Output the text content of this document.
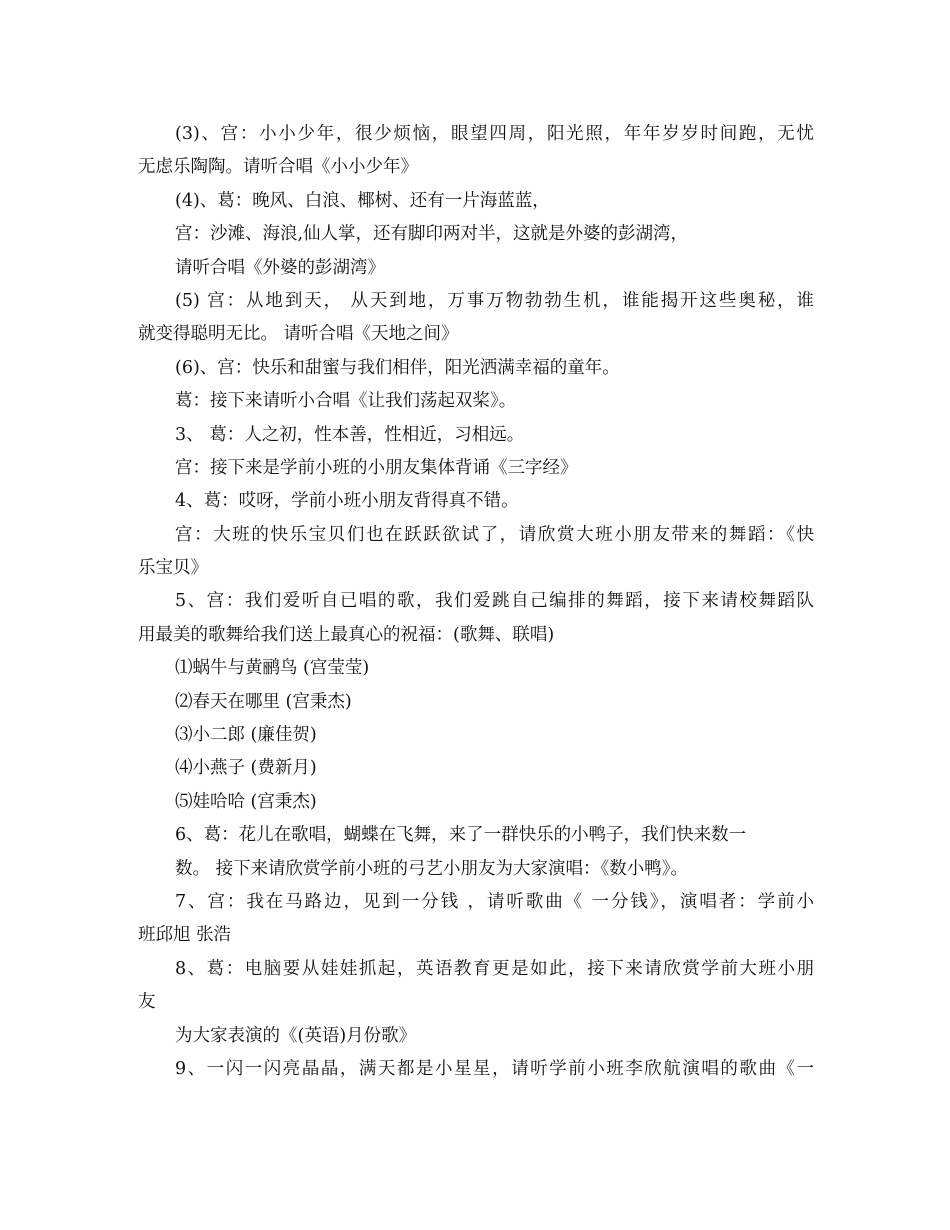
(3)、宫：小小少年，很少烦恼，眼望四周，阳光照，年年岁岁时间跑，无忧
无虑乐陶陶。请听合唱《小小少年》
(4)、葛：晚风、白浪、椰树、还有一片海蓝蓝，
宫：沙滩、海浪,仙人掌，还有脚印两对半，这就是外婆的彭湖湾，
请听合唱《外婆的彭湖湾》
(5) 宫：从地到天， 从天到地，万事万物勃勃生机，谁能揭开这些奥秘，谁
就变得聪明无比。 请听合唱《天地之间》
(6)、宫：快乐和甜蜜与我们相伴，阳光洒满幸福的童年。
葛：接下来请听小合唱《让我们荡起双桨》。
3、 葛：人之初，性本善，性相近，习相远。
宫：接下来是学前小班的小朋友集体背诵《三字经》
4、葛：哎呀，学前小班小朋友背得真不错。
宫：大班的快乐宝贝们也在跃跃欲试了，请欣赏大班小朋友带来的舞蹈：《快
乐宝贝》
5、宫：我们爱听自已唱的歌，我们爱跳自己编排的舞蹈，接下来请校舞蹈队
用最美的歌舞给我们送上最真心的祝福：(歌舞、联唱)
⑴蜗牛与黄鹂鸟 (宫莹莹)
⑵春天在哪里 (宫秉杰)
⑶小二郎 (廉佳贺)
⑷小燕子 (费新月)
⑸娃哈哈 (宫秉杰)
6、葛：花儿在歌唱，蝴蝶在飞舞，来了一群快乐的小鸭子，我们快来数一
数。 接下来请欣赏学前小班的弓艺小朋友为大家演唱：《数小鸭》。
7、宫：我在马路边，见到一分钱 ，请听歌曲《 一分钱》，演唱者：学前小
班邱旭 张浩
8、葛：电脑要从娃娃抓起，英语教育更是如此，接下来请欣赏学前大班小朋
友
为大家表演的《(英语)月份歌》
9、一闪一闪亮晶晶，满天都是小星星，请听学前小班李欣航演唱的歌曲《一
